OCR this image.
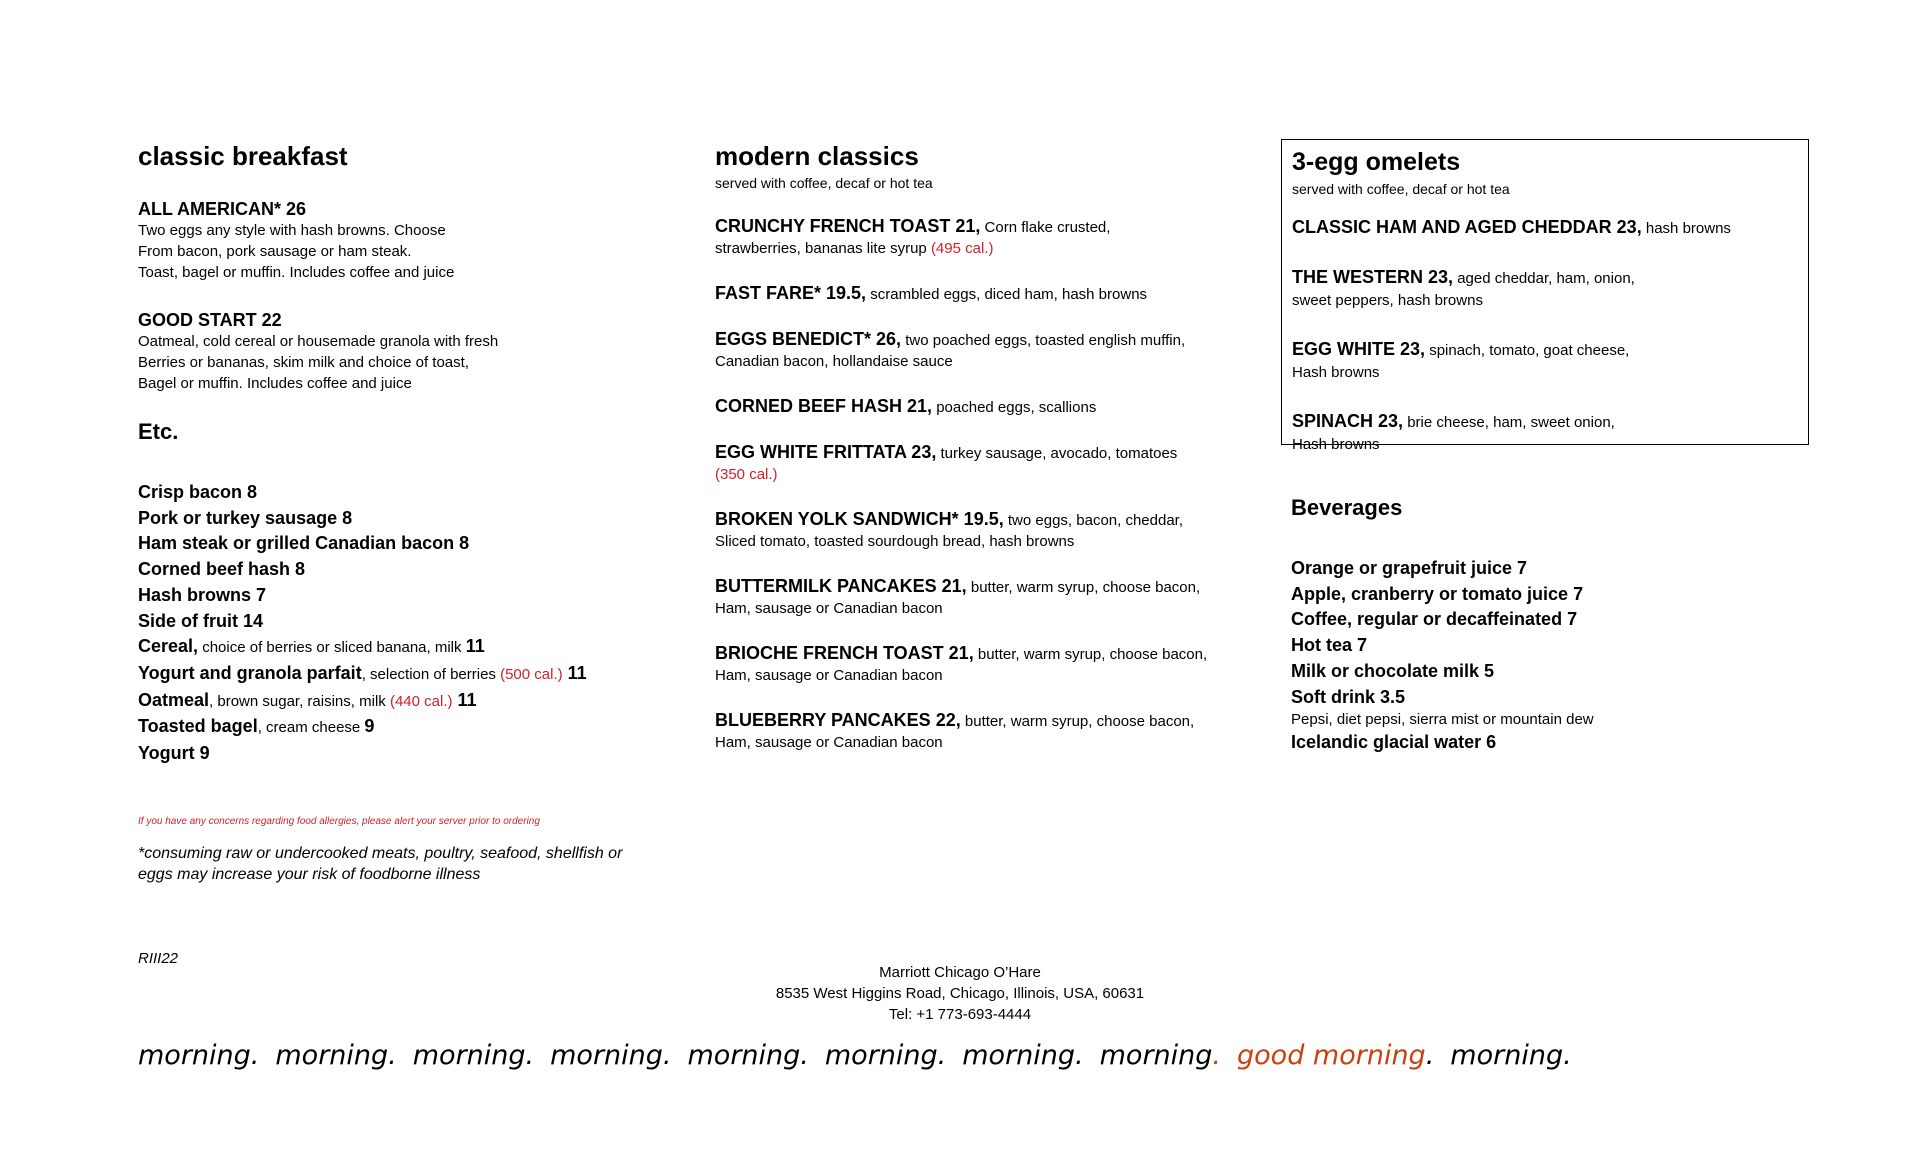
classic breakfast
ALL AMERICAN* 26
Two eggs any style with hash browns. Choose
From bacon, pork sausage or ham steak.
Toast, bagel or muffin. Includes coffee and juice
GOOD START 22
Oatmeal, cold cereal or housemade granola with fresh
Berries or bananas, skim milk and choice of toast,
Bagel or muffin. Includes coffee and juice
Etc.
Crisp bacon 8
Pork or turkey sausage 8
Ham steak or grilled Canadian bacon 8
Corned beef hash 8
Hash browns 7
Side of fruit 14
Cereal, choice of berries or sliced banana, milk 11
Yogurt and granola parfait, selection of berries (500 cal.) 11
Oatmeal, brown sugar, raisins, milk (440 cal.) 11
Toasted bagel, cream cheese 9
Yogurt 9
If you have any concerns regarding food allergies, please alert your server prior to ordering
*consuming raw or undercooked meats, poultry, seafood, shellfish or
eggs may increase your risk of foodborne illness
RIII22
modern classics
served with coffee, decaf or hot tea
CRUNCHY FRENCH TOAST 21, Corn flake crusted,
strawberries, bananas lite syrup (495 cal.)
FAST FARE* 19.5, scrambled eggs, diced ham, hash browns
EGGS BENEDICT* 26, two poached eggs, toasted english muffin,
Canadian bacon, hollandaise sauce
CORNED BEEF HASH 21, poached eggs, scallions
EGG WHITE FRITTATA 23, turkey sausage, avocado, tomatoes
(350 cal.)
BROKEN YOLK SANDWICH* 19.5, two eggs, bacon, cheddar,
Sliced tomato, toasted sourdough bread, hash browns
BUTTERMILK PANCAKES 21, butter, warm syrup, choose bacon,
Ham, sausage or Canadian bacon
BRIOCHE FRENCH TOAST 21, butter, warm syrup, choose bacon,
Ham, sausage or Canadian bacon
BLUEBERRY PANCAKES 22, butter, warm syrup, choose bacon,
Ham, sausage or Canadian bacon
3-egg omelets
served with coffee, decaf or hot tea
CLASSIC HAM AND AGED CHEDDAR 23, hash browns
THE WESTERN 23, aged cheddar, ham, onion,
sweet peppers, hash browns
EGG WHITE 23, spinach, tomato, goat cheese,
Hash browns
SPINACH 23, brie cheese, ham, sweet onion,
Hash browns
Beverages
Orange or grapefruit juice 7
Apple, cranberry or tomato juice 7
Coffee, regular or decaffeinated 7
Hot tea 7
Milk or chocolate milk 5
Soft drink 3.5
Pepsi, diet pepsi, sierra mist or mountain dew
Icelandic glacial water 6
Marriott Chicago O’Hare
8535 West Higgins Road, Chicago, Illinois, USA, 60631
Tel: +1 773-693-4444
morning. morning. morning. morning. morning. morning. morning. morning. good morning. morning.
